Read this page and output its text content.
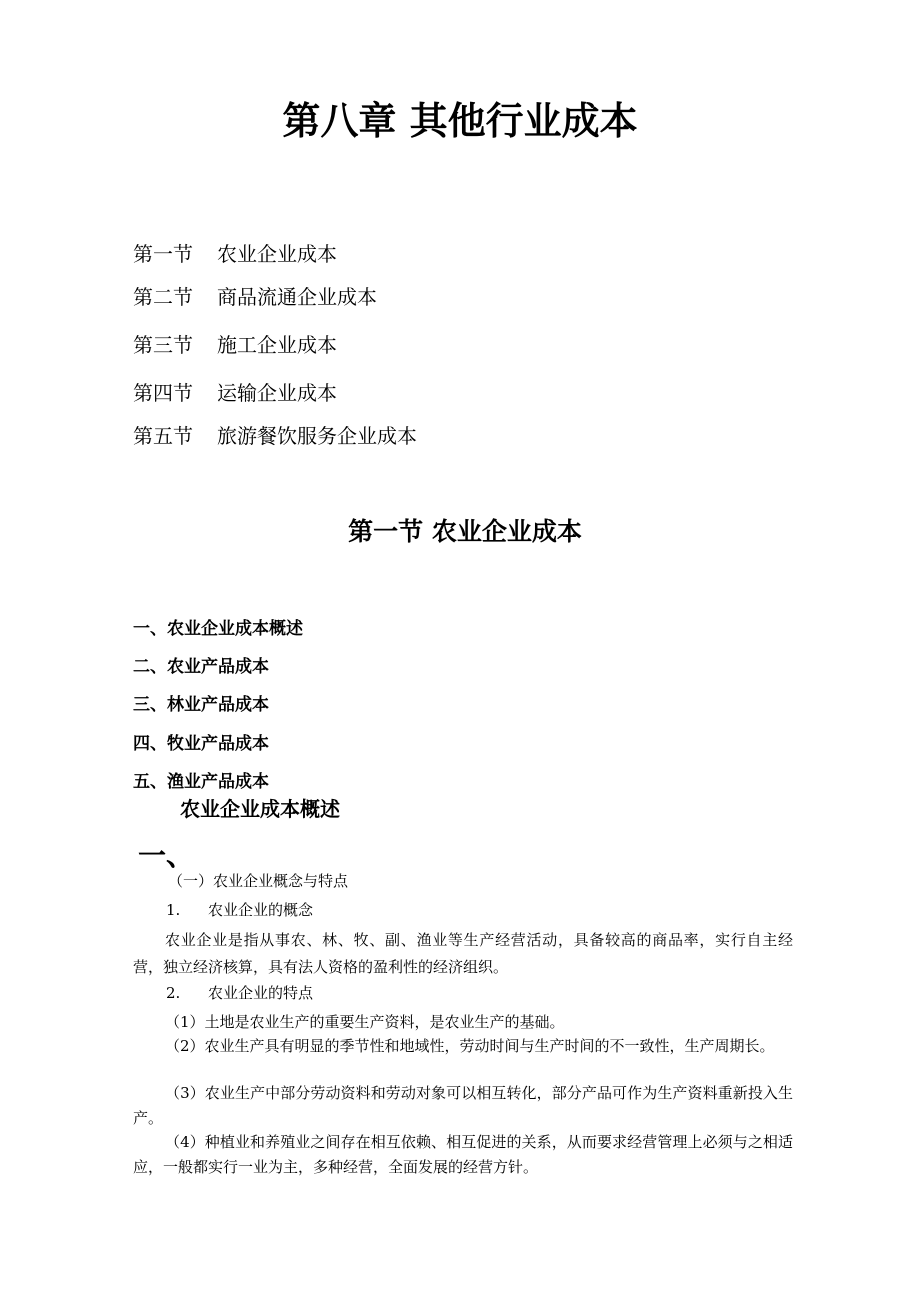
第八章 其他行业成本
第一节 农业企业成本
第二节 商品流通企业成本
第三节 施工企业成本
第四节 运输企业成本
第五节 旅游餐饮服务企业成本
第一节 农业企业成本
一、农业企业成本概述
二、农业产品成本
三、林业产品成本
四、牧业产品成本
五、渔业产品成本
农业企业成本概述
一、
（一）农业企业概念与特点
1. 农业企业的概念
农业企业是指从事农、林、牧、副、渔业等生产经营活动，具备较高的商品率，实行自主经营，独立经济核算，具有法人资格的盈利性的经济组织。
2. 农业企业的特点
（1）土地是农业生产的重要生产资料，是农业生产的基础。
（2）农业生产具有明显的季节性和地域性，劳动时间与生产时间的不一致性，生产周期长。
（3）农业生产中部分劳动资料和劳动对象可以相互转化，部分产品可作为生产资料重新投入生产。
（4）种植业和养殖业之间存在相互依赖、相互促进的关系，从而要求经营管理上必须与之相适应，一般都实行一业为主，多种经营，全面发展的经营方针。
